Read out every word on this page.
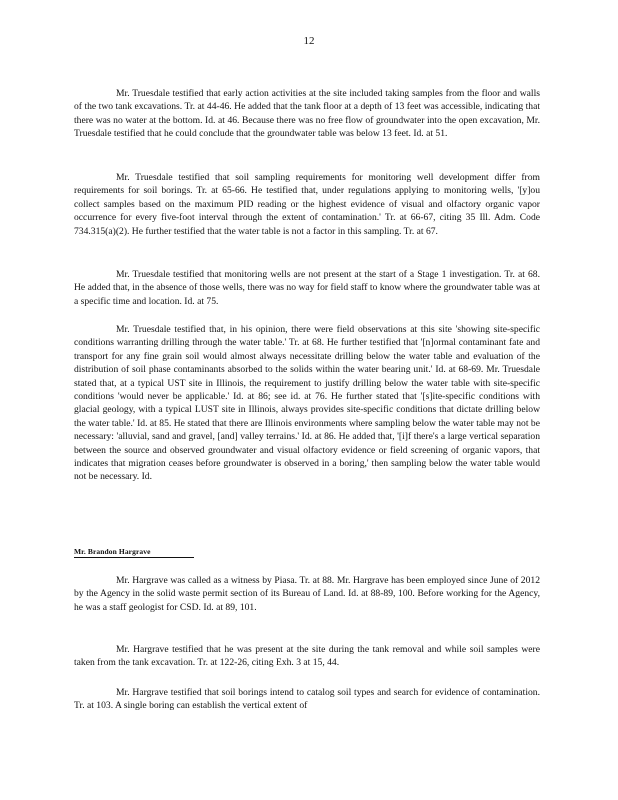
12

Mr. Truesdale testified that early action activities at the site included taking samples from the floor and walls of the two tank excavations. Tr. at 44-46. He added that the tank floor at a depth of 13 feet was accessible, indicating that there was no water at the bottom. Id. at 46. Because there was no free flow of groundwater into the open excavation, Mr. Truesdale testified that he could conclude that the groundwater table was below 13 feet. Id. at 51.

Mr. Truesdale testified that soil sampling requirements for monitoring well development differ from requirements for soil borings. Tr. at 65-66. He testified that, under regulations applying to monitoring wells, '[y]ou collect samples based on the maximum PID reading or the highest evidence of visual and olfactory organic vapor occurrence for every five-foot interval through the extent of contamination.' Tr. at 66-67, citing 35 Ill. Adm. Code 734.315(a)(2). He further testified that the water table is not a factor in this sampling. Tr. at 67.

Mr. Truesdale testified that monitoring wells are not present at the start of a Stage 1 investigation. Tr. at 68. He added that, in the absence of those wells, there was no way for field staff to know where the groundwater table was at a specific time and location. Id. at 75.

Mr. Truesdale testified that, in his opinion, there were field observations at this site 'showing site-specific conditions warranting drilling through the water table.' Tr. at 68. He further testified that '[n]ormal contaminant fate and transport for any fine grain soil would almost always necessitate drilling below the water table and evaluation of the distribution of soil phase contaminants absorbed to the solids within the water bearing unit.' Id. at 68-69. Mr. Truesdale stated that, at a typical UST site in Illinois, the requirement to justify drilling below the water table with site-specific conditions 'would never be applicable.' Id. at 86; see id. at 76. He further stated that '[s]ite-specific conditions with glacial geology, with a typical LUST site in Illinois, always provides site-specific conditions that dictate drilling below the water table.' Id. at 85. He stated that there are Illinois environments where sampling below the water table may not be necessary: 'alluvial, sand and gravel, [and] valley terrains.' Id. at 86. He added that, '[i]f there's a large vertical separation between the source and observed groundwater and visual olfactory evidence or field screening of organic vapors, that indicates that migration ceases before groundwater is observed in a boring,' then sampling below the water table would not be necessary. Id.

Mr. Brandon Hargrave

Mr. Hargrave was called as a witness by Piasa. Tr. at 88. Mr. Hargrave has been employed since June of 2012 by the Agency in the solid waste permit section of its Bureau of Land. Id. at 88-89, 100. Before working for the Agency, he was a staff geologist for CSD. Id. at 89, 101.

Mr. Hargrave testified that he was present at the site during the tank removal and while soil samples were taken from the tank excavation. Tr. at 122-26, citing Exh. 3 at 15, 44.

Mr. Hargrave testified that soil borings intend to catalog soil types and search for evidence of contamination. Tr. at 103. A single boring can establish the vertical extent of
